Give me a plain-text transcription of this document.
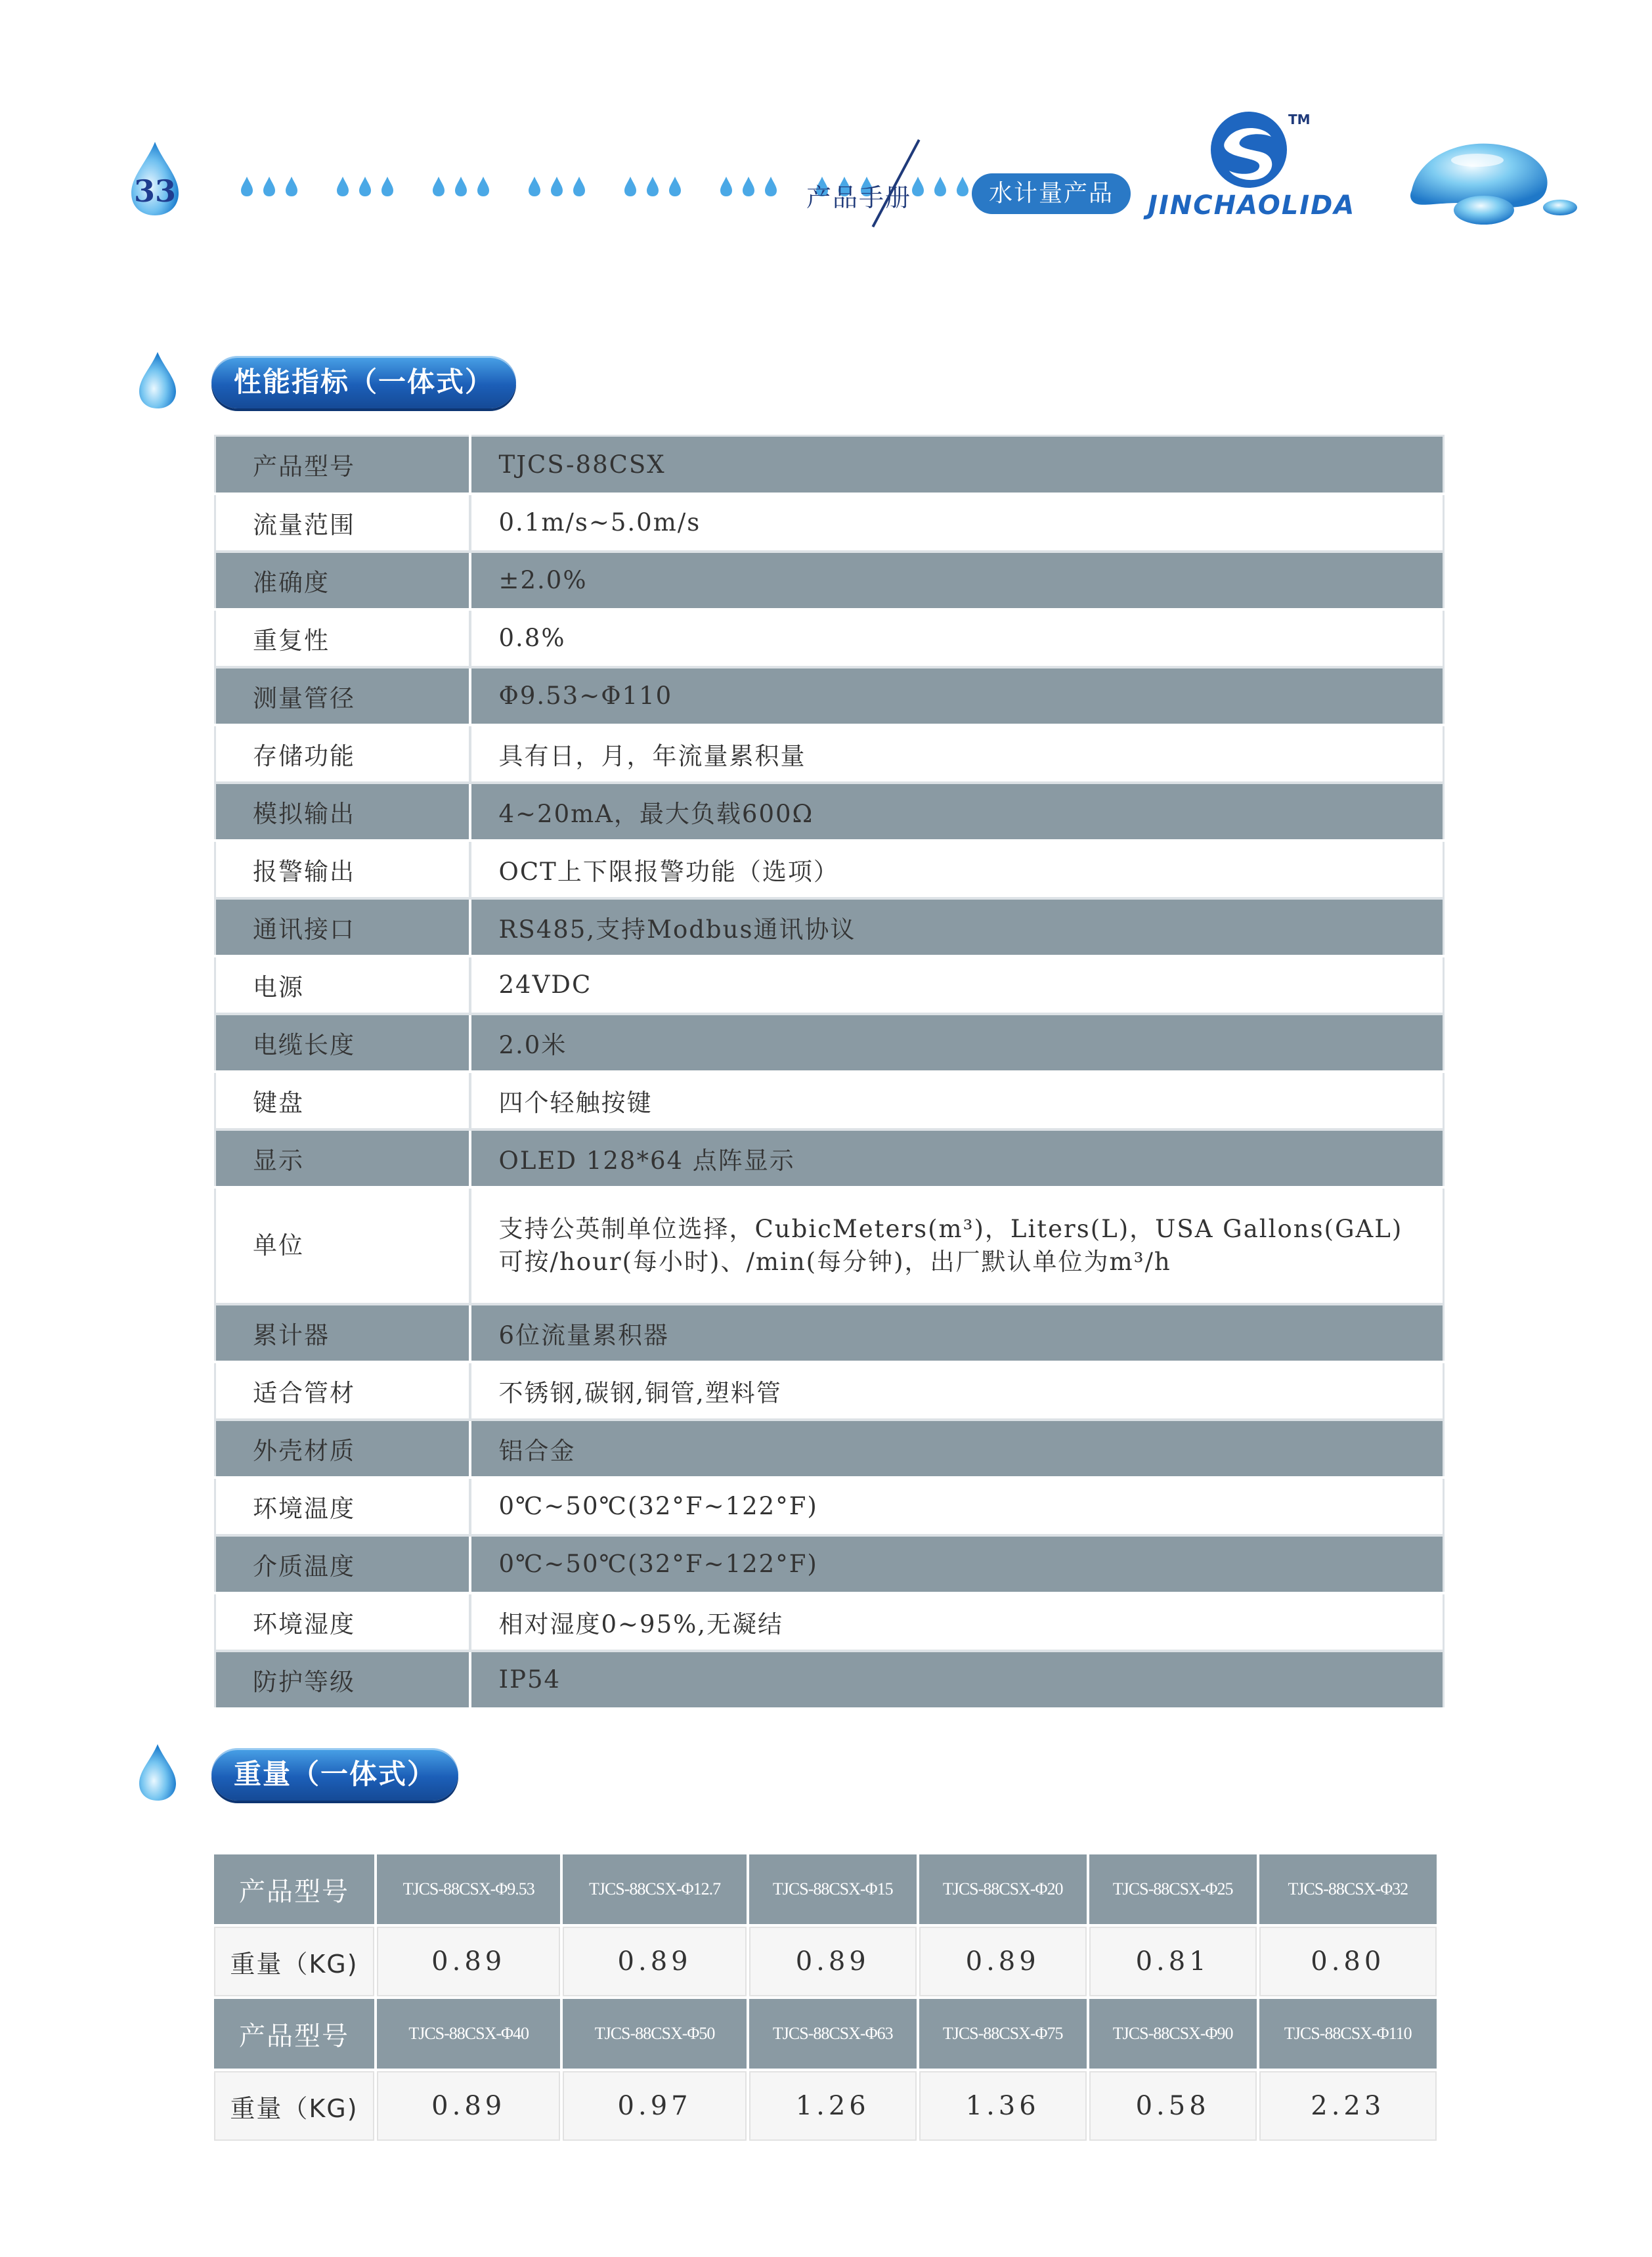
33	产品手册	水计量产品
TM
JINCHAOLIDA
性能指标（一体式）
产品型号	TJCS-88CSX
流量范围	0.1m/s~5.0m/s
准确度	±2.0%
重复性	0.8%
测量管径	Φ9.53~Φ110
存储功能	具有日，月，年流量累积量
模拟输出	4~20mA，最大负载600Ω
报警输出	OCT上下限报警功能（选项）
通讯接口	RS485,支持Modbus通讯协议
电源	24VDC
电缆长度	2.0米
键盘	四个轻触按键
显示	OLED 128*64 点阵显示
单位	支持公英制单位选择，CubicMeters(m³)，Liters(L)，USA Gallons(GAL)
可按/hour(每小时)、/min(每分钟)，出厂默认单位为m³/h

累计器	6位流量累积器
适合管材	不锈钢,碳钢,铜管,塑料管
外壳材质	铝合金
环境温度	0℃~50℃(32°F~122°F)
介质温度	0℃~50℃(32°F~122°F)
环境湿度	相对湿度0~95%,无凝结
防护等级	IP54
重量（一体式）
产品型号	TJCS-88CSX-Φ9.53	TJCS-88CSX-Φ12.7	TJCS-88CSX-Φ15	TJCS-88CSX-Φ20	TJCS-88CSX-Φ25	TJCS-88CSX-Φ32
重量（KG)	0.89	0.89	0.89	0.89	0.81	0.80
产品型号	TJCS-88CSX-Φ40	TJCS-88CSX-Φ50	TJCS-88CSX-Φ63	TJCS-88CSX-Φ75	TJCS-88CSX-Φ90	TJCS-88CSX-Φ110
重量（KG)	0.89	0.97	1.26	1.36	0.58	2.23
